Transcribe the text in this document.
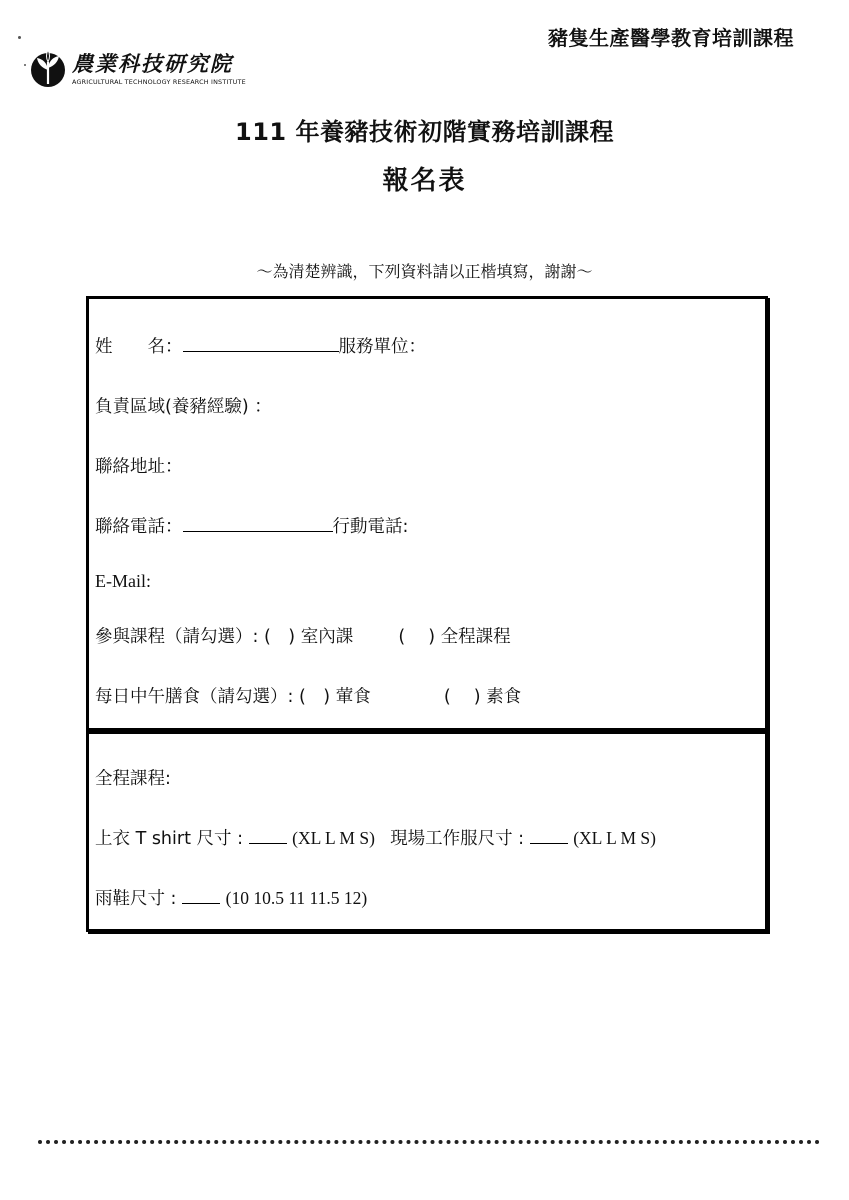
豬隻生產醫學教育培訓課程
農業科技研究院
AGRICULTURAL TECHNOLOGY RESEARCH INSTITUTE
111 年養豬技術初階實務培訓課程
報名表
～為清楚辨識，下列資料請以正楷填寫，謝謝～
姓　　名：	服務單位：
負責區域(養豬經驗) ：
聯絡地址：
聯絡電話：	行動電話:
E-Mail:
參與課程（請勾選）: (　) 室內課	(　 ) 全程課程
每日中午膳食（請勾選）: (　) 葷食	(　 ) 素食
全程課程:
上衣 T shirt 尺寸 :	(XL L M S) 現場工作服尺寸 :	(XL L M S)
雨鞋尺寸 :	(10 10.5 11 11.5 12)
